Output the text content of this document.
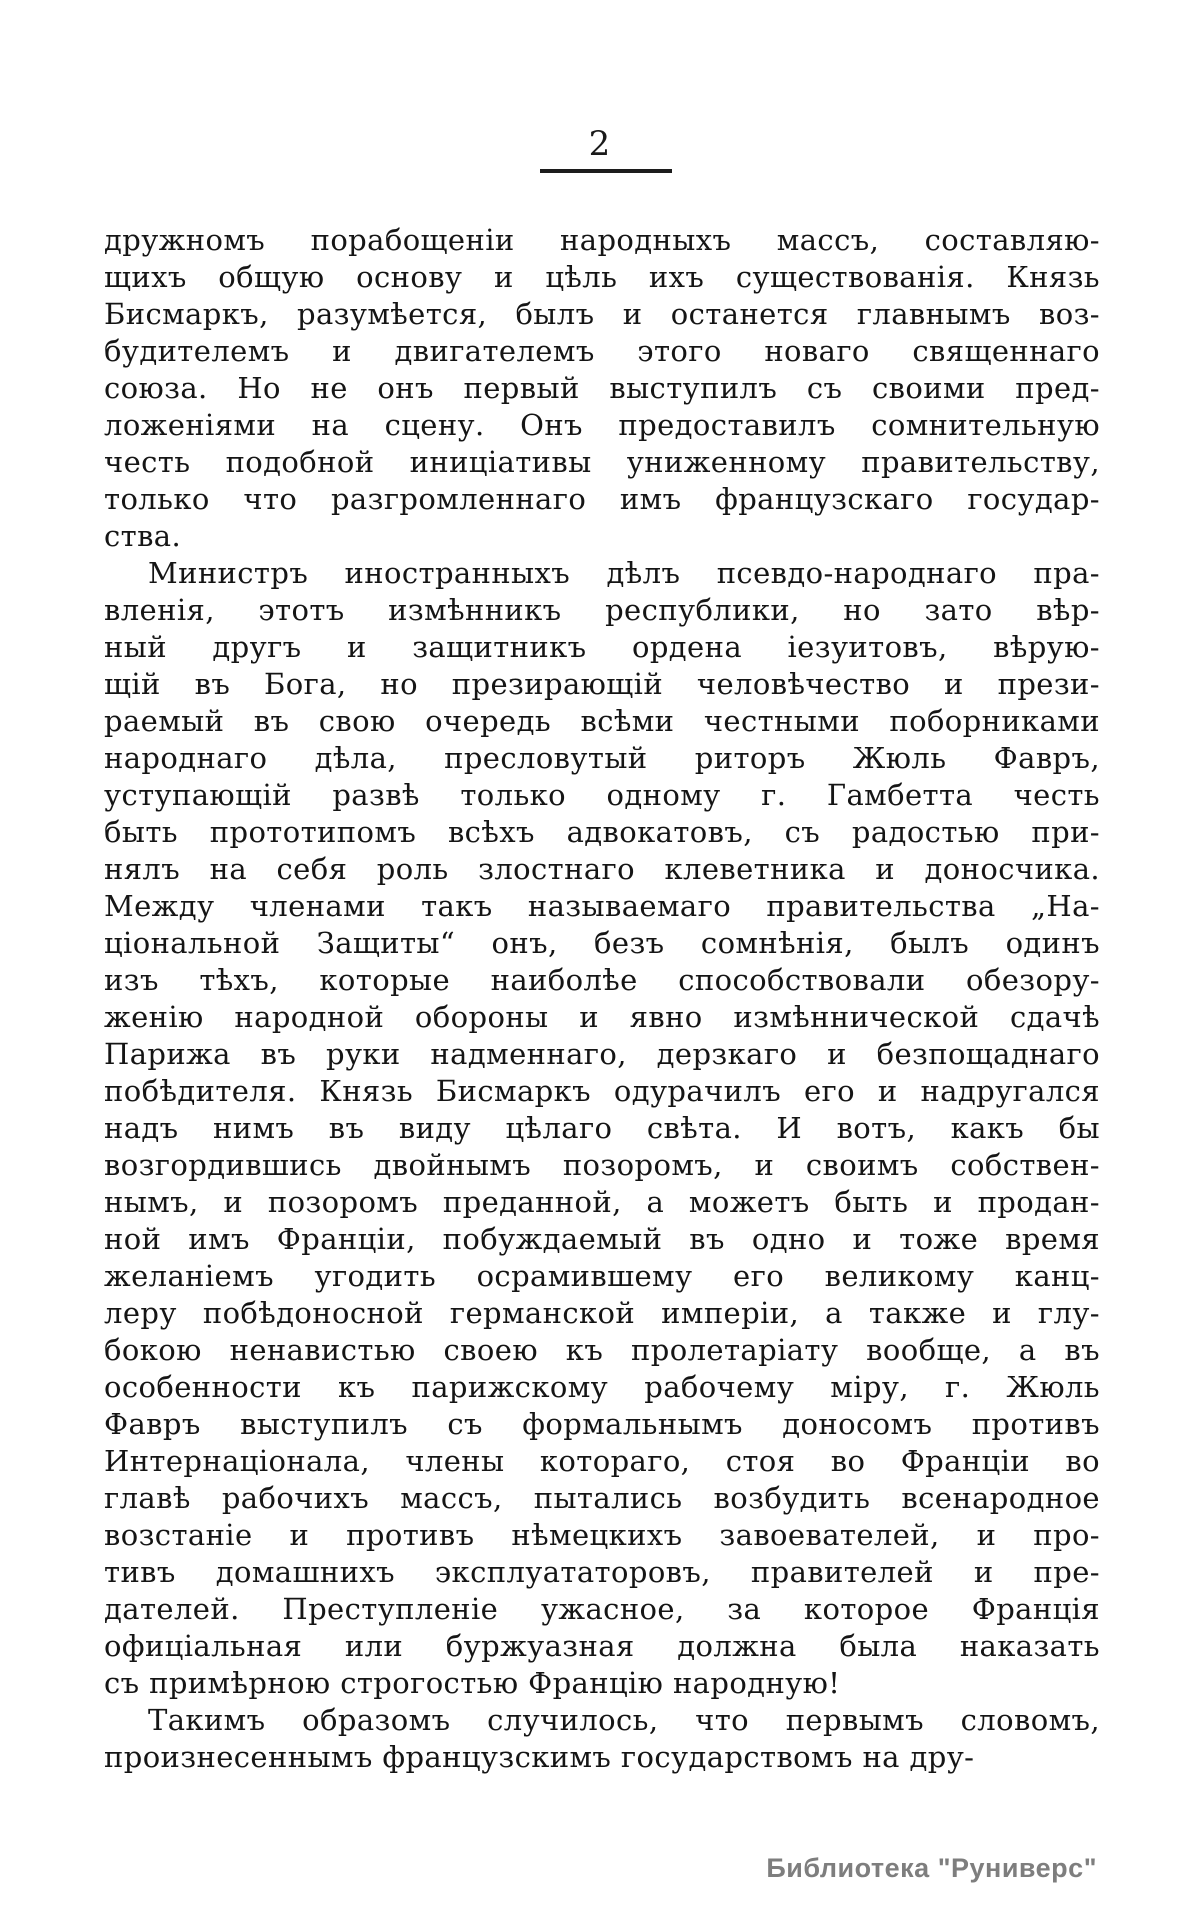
2

дружномъ порабощеніи народныхъ массъ, составляю-
щихъ общую основу и цѣль ихъ существованія. Князь
Бисмаркъ, разумѣется, былъ и останется главнымъ воз-
будителемъ и двигателемъ этого новаго священнаго
союза. Но не онъ первый выступилъ съ своими пред-
ложеніями на сцену. Онъ предоставилъ сомнительную
честь подобной иниціативы униженному правительству,
только что разгромленнаго имъ французскаго государ-
ства.

Министръ иностранныхъ дѣлъ псевдо-народнаго пра-
вленія, этотъ измѣнникъ республики, но зато вѣр-
ный другъ и защитникъ ордена іезуитовъ, вѣрую-
щій въ Бога, но презирающій человѣчество и прези-
раемый въ свою очередь всѣми честными поборниками
народнаго дѣла, пресловутый риторъ Жюль Фавръ,
уступающій развѣ только одному г. Гамбетта честь
быть прототипомъ всѣхъ адвокатовъ, съ радостью при-
нялъ на себя роль злостнаго клеветника и доносчика.
Между членами такъ называемаго правительства „На-
ціональной Защиты“ онъ, безъ сомнѣнія, былъ одинъ
изъ тѣхъ, которые наиболѣе способствовали обезору-
женію народной обороны и явно измѣннической сдачѣ
Парижа въ руки надменнаго, дерзкаго и безпощаднаго
побѣдителя. Князь Бисмаркъ одурачилъ его и надругался
надъ нимъ въ виду цѣлаго свѣта. И вотъ, какъ бы
возгордившись двойнымъ позоромъ, и своимъ собствен-
нымъ, и позоромъ преданной, а можетъ быть и продан-
ной имъ Франціи, побуждаемый въ одно и тоже время
желаніемъ угодить осрамившему его великому канц-
леру побѣдоносной германской имперіи, а также и глу-
бокою ненавистью своею къ пролетаріату вообще, а въ
особенности къ парижскому рабочему міру, г. Жюль
Фавръ выступилъ съ формальнымъ доносомъ противъ
Интернаціонала, члены котораго, стоя во Франціи во
главѣ рабочихъ массъ, пытались возбудить всенародное
возстаніе и противъ нѣмецкихъ завоевателей, и про-
тивъ домашнихъ эксплуататоровъ, правителей и пре-
дателей. Преступленіе ужасное, за которое Франція
офиціальная или буржуазная должна была наказать
съ примѣрною строгостью Францію народную!

Такимъ образомъ случилось, что первымъ словомъ,
произнесеннымъ французскимъ государствомъ на дру-

Библиотека "Руниверс"
